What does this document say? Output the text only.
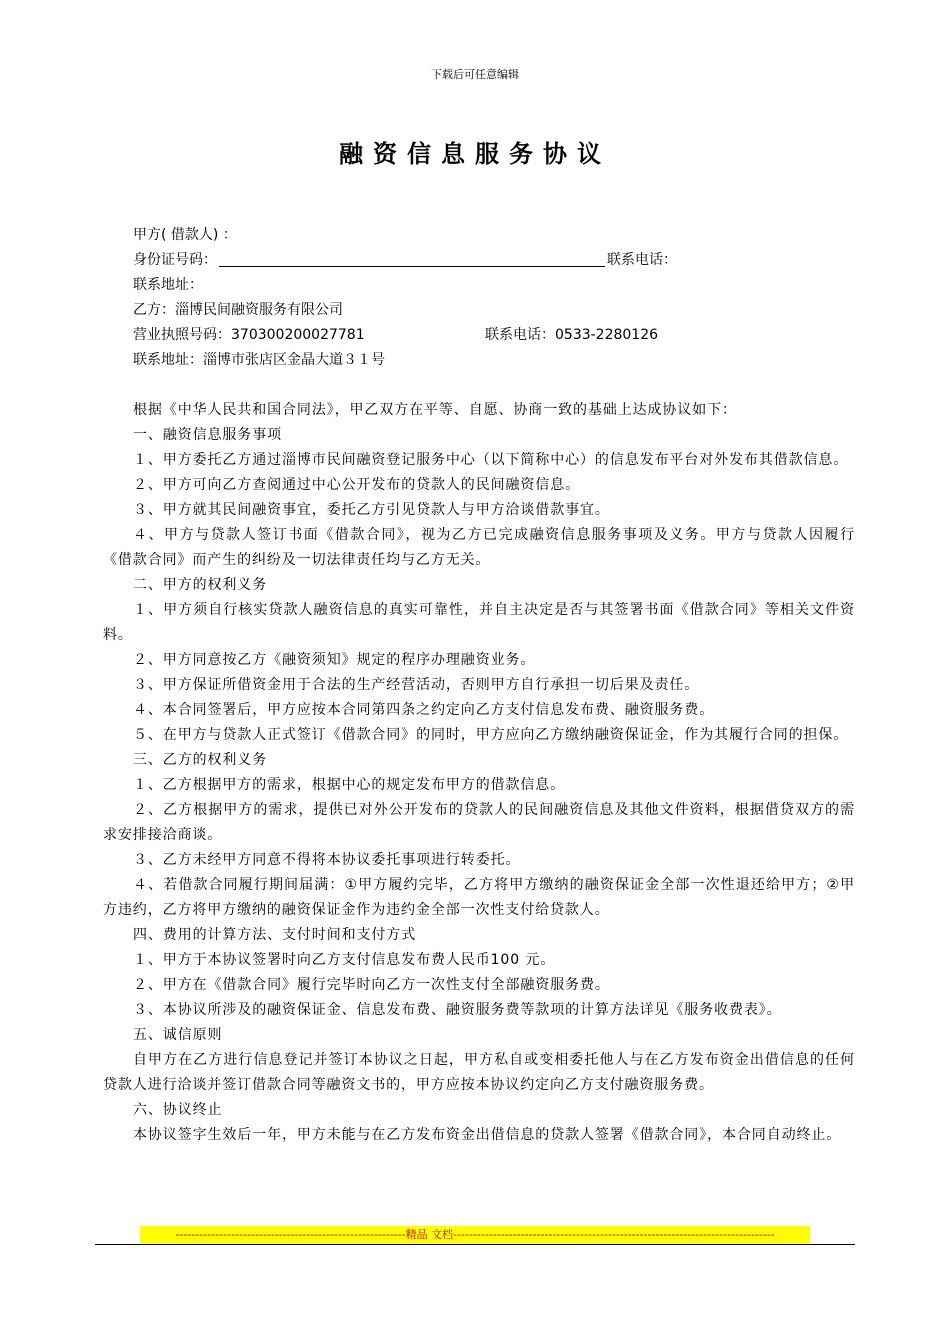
下载后可任意编辑
融资信息服务协议
甲方( 借款人) ：
身份证号码：	联系电话：
联系地址：
乙方：淄博民间融资服务有限公司
营业执照号码：370300200027781	联系电话：0533-2280126
联系地址：淄博市张店区金晶大道３１号

根据《中华人民共和国合同法》，甲乙双方在平等、自愿、协商一致的基础上达成协议如下：

一、融资信息服务事项

１、甲方委托乙方通过淄博市民间融资登记服务中心（以下简称中心）的信息发布平台对外发布其借款信息。

２、甲方可向乙方查阅通过中心公开发布的贷款人的民间融资信息。

３、甲方就其民间融资事宜，委托乙方引见贷款人与甲方洽谈借款事宜。

４、甲方与贷款人签订书面《借款合同》，视为乙方已完成融资信息服务事项及义务。甲方与贷款人因履行《借款合同》而产生的纠纷及一切法律责任均与乙方无关。

二、甲方的权利义务

１、甲方须自行核实贷款人融资信息的真实可靠性，并自主决定是否与其签署书面《借款合同》等相关文件资料。

２、甲方同意按乙方《融资须知》规定的程序办理融资业务。

３、甲方保证所借资金用于合法的生产经营活动，否则甲方自行承担一切后果及责任。

４、本合同签署后，甲方应按本合同第四条之约定向乙方支付信息发布费、融资服务费。

５、在甲方与贷款人正式签订《借款合同》的同时，甲方应向乙方缴纳融资保证金，作为其履行合同的担保。

三、乙方的权利义务

１、乙方根据甲方的需求，根据中心的规定发布甲方的借款信息。

２、乙方根据甲方的需求，提供已对外公开发布的贷款人的民间融资信息及其他文件资料，根据借贷双方的需求安排接洽商谈。

３、乙方未经甲方同意不得将本协议委托事项进行转委托。

４、若借款合同履行期间届满：①甲方履约完毕，乙方将甲方缴纳的融资保证金全部一次性退还给甲方；②甲方违约，乙方将甲方缴纳的融资保证金作为违约金全部一次性支付给贷款人。

四、费用的计算方法、支付时间和支付方式

１、甲方于本协议签署时向乙方支付信息发布费人民币100 元。

２、甲方在《借款合同》履行完毕时向乙方一次性支付全部融资服务费。

３、本协议所涉及的融资保证金、信息发布费、融资服务费等款项的计算方法详见《服务收费表》。

五、诚信原则

自甲方在乙方进行信息登记并签订本协议之日起，甲方私自或变相委托他人与在乙方发布资金出借信息的任何贷款人进行洽谈并签订借款合同等融资文书的，甲方应按本协议约定向乙方支付融资服务费。

六、协议终止

本协议签字生效后一年，甲方未能与在乙方发布资金出借信息的贷款人签署《借款合同》，本合同自动终止。

----------------------------------------------------------精品 文档---------------------------------------------------------------------------------
